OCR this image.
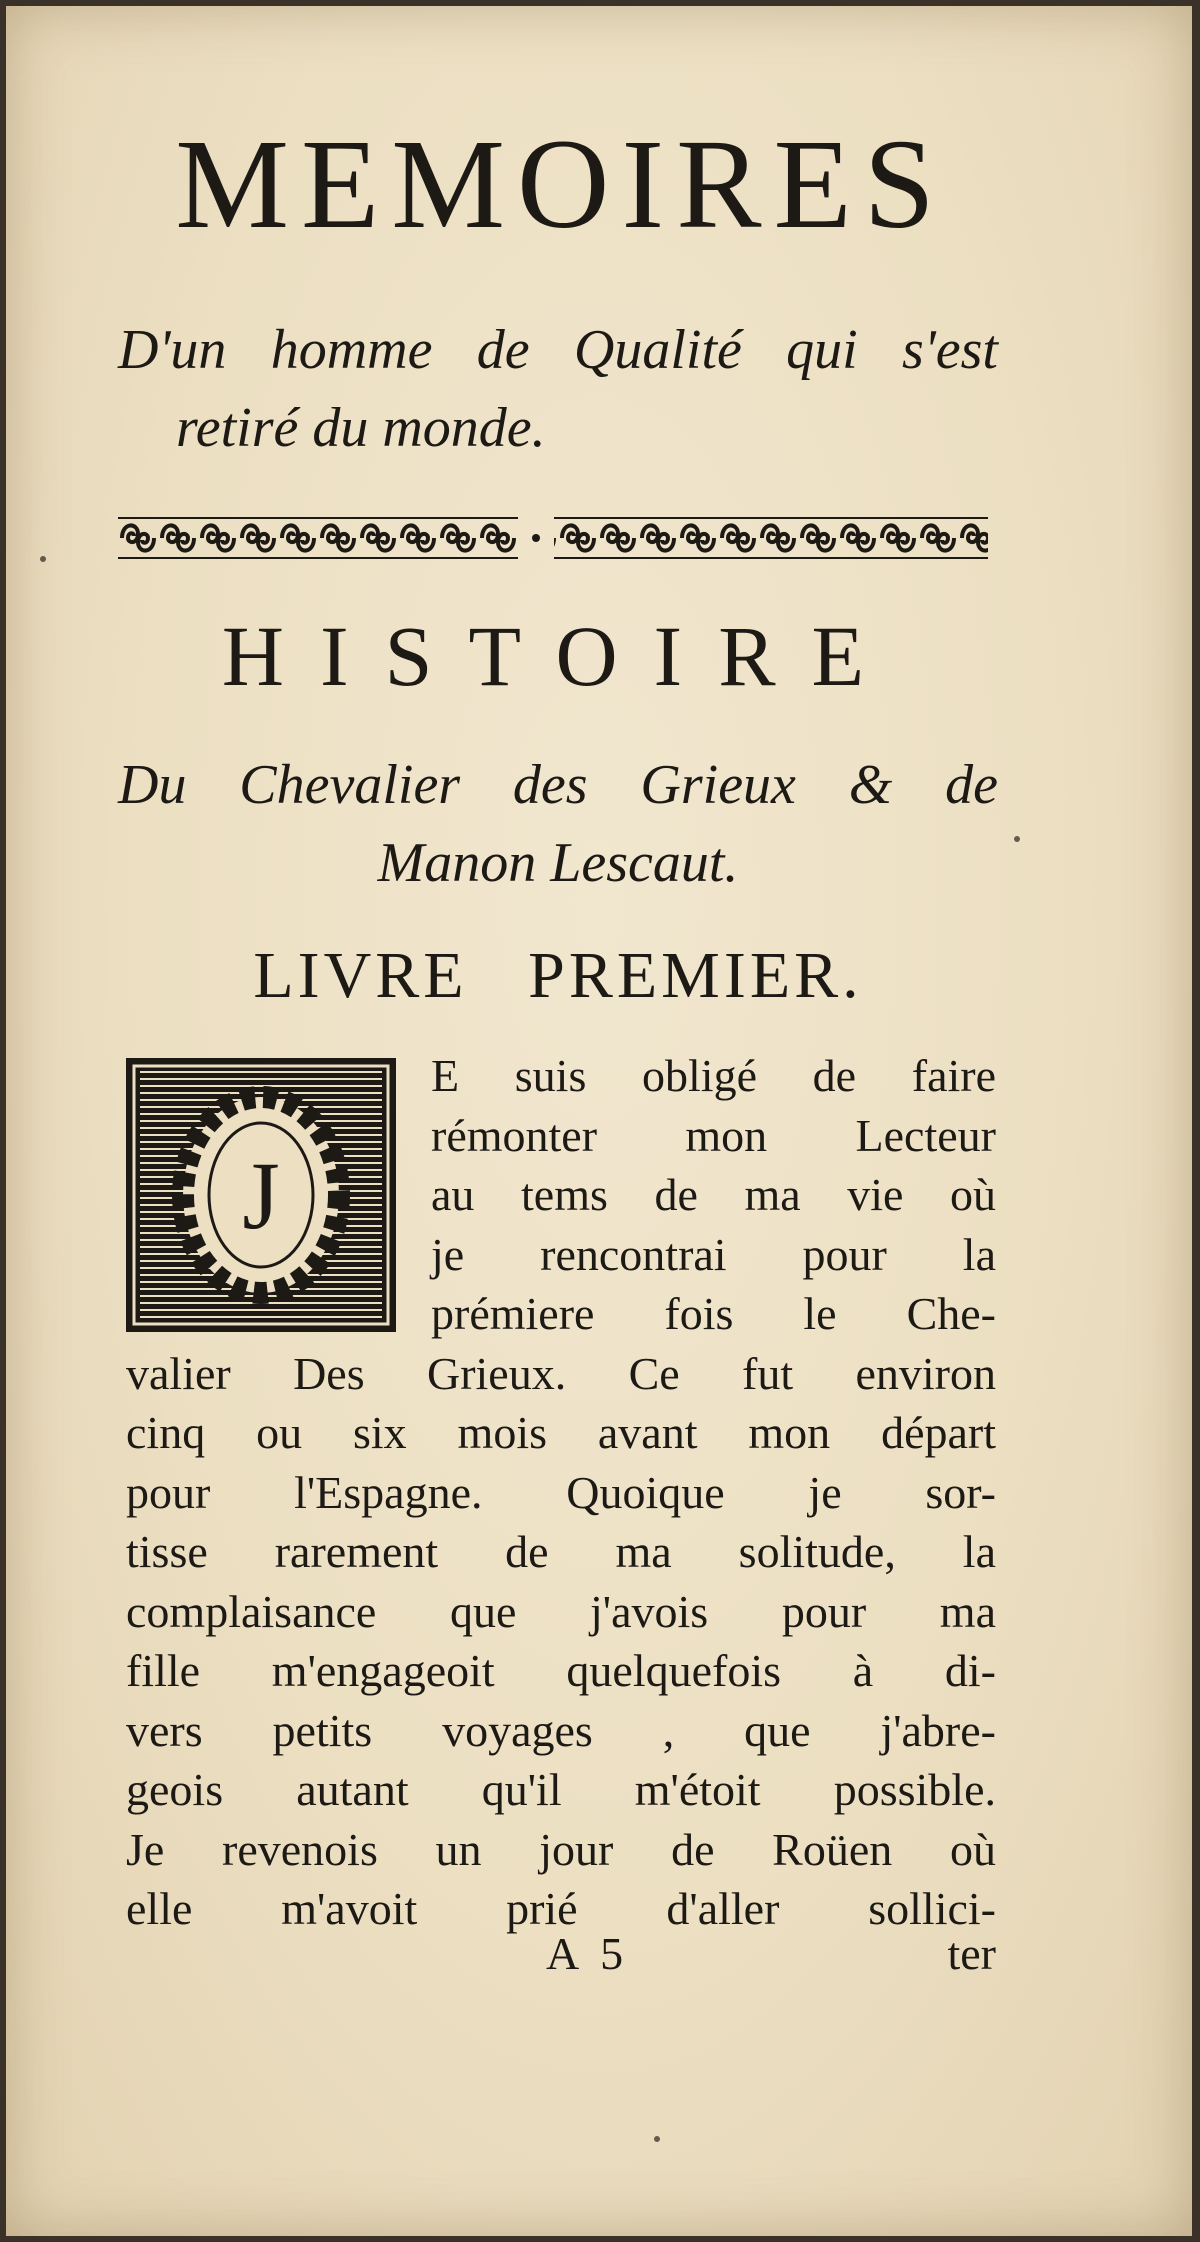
MEMOIRES
D'un homme de Qualité qui s'est
retiré du monde.
HISTOIRE
Du Chevalier des Grieux & de
Manon Lescaut.
LIVRE PREMIER.
J
E suis obligé de faire
rémonter mon Lecteur
au tems de ma vie où
je rencontrai pour la
prémiere fois le Che-
valier Des Grieux. Ce fut environ
cinq ou six mois avant mon départ
pour l'Espagne. Quoique je sor-
tisse rarement de ma solitude, la
complaisance que j'avois pour ma
fille m'engageoit quelquefois à di-
vers petits voyages , que j'abre-
geois autant qu'il m'étoit possible.
Je revenois un jour de Roüen où
elle m'avoit prié d'aller sollici-
A 5	ter
